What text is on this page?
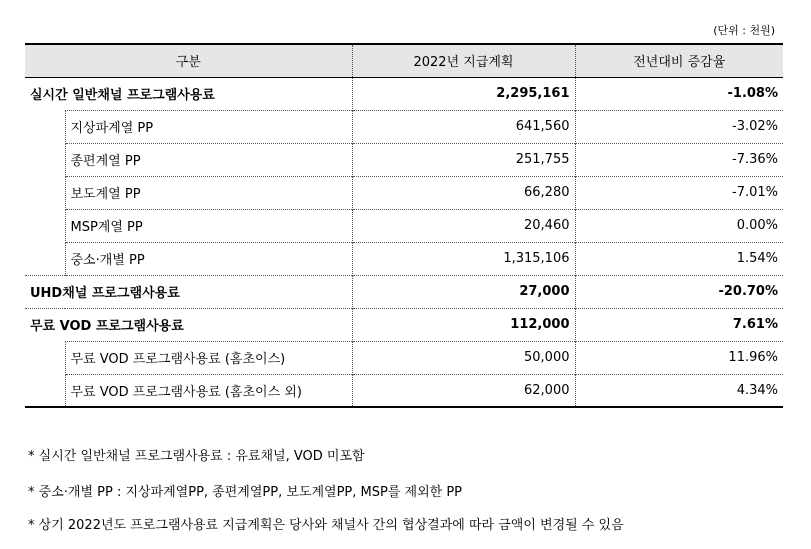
(단위 : 천원)
구분		2022년 지급계획	전년대비 증감율
실시간 일반채널 프로그램사용료		2,295,161	-1.08%
	지상파계열 PP	641,560	-3.02%
	종편계열 PP	251,755	-7.36%
	보도계열 PP	66,280	-7.01%
	MSP계열 PP	20,460	0.00%
	중소·개별 PP	1,315,106	1.54%
UHD채널 프로그램사용료		27,000	-20.70%
무료 VOD 프로그램사용료		112,000	7.61%
	무료 VOD 프로그램사용료 (홈초이스)	50,000	11.96%
	무료 VOD 프로그램사용료 (홈초이스 외)	62,000	4.34%
* 실시간 일반채널 프로그램사용료 : 유료채널, VOD 미포함
* 중소·개별 PP : 지상파계열PP, 종편계열PP, 보도계열PP, MSP를 제외한 PP
* 상기 2022년도 프로그램사용료 지급계획은 당사와 채널사 간의 협상결과에 따라 금액이 변경될 수 있음
